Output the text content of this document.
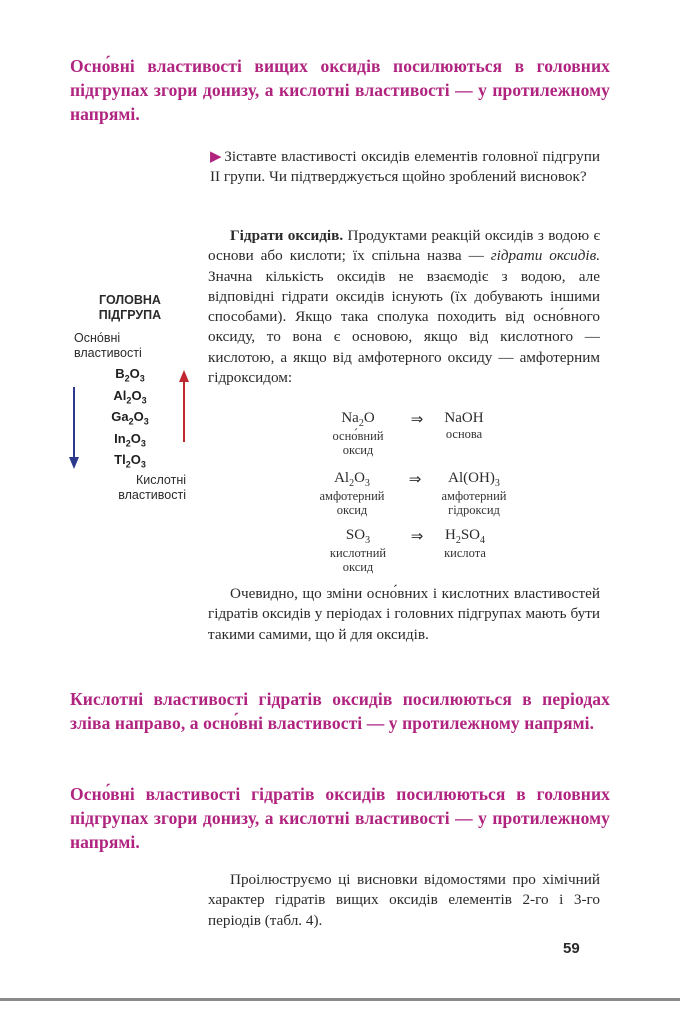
Осно́вні властивості вищих оксидів посилюються в головних підгрупах згори донизу, а кислотні властивості — у протилежному напрямі.

▶ Зіставте властивості оксидів елементів головної підгрупи II групи. Чи підтверджується щойно зроблений висновок?

Гідрати оксидів. Продуктами реакцій оксидів з водою є основи або кислоти; їх спільна назва — гідрати оксидів. Значна кількість оксидів не взаємодіє з водою, але відповідні гідрати оксидів існують (їх добувають іншими способами). Якщо така сполука походить від осно́вного оксиду, то вона є основою, якщо від кислотного — кислотою, а якщо від амфотерного оксиду — амфотерним гідроксидом:

ГОЛОВНА
ПІДГРУПА
Осно́вні
властивості
$B_2O_3$
$Al_2O_3$
$Ga_2O_3$
$In_2O_3$
$Tl_2O_3$
Кислотні
властивості
$Na_2O$
осно́вний
оксид
⇒	NaOH
основа
$Al_2O_3$
амфотерний
оксид
⇒	$Al(OH)_3$
амфотерний
гідроксид
$SO_3$
кислотний
оксид
⇒	$H_2SO_4$
кислота

Очевидно, що зміни осно́вних і кислотних властивостей гідратів оксидів у періодах і головних підгрупах мають бути такими самими, що й для оксидів.

Кислотні властивості гідратів оксидів посилюються в періодах зліва направо, а осно́вні властивості — у протилежному напрямі.
Осно́вні властивості гідратів оксидів посилюються в головних підгрупах згори донизу, а кислотні властивості — у протилежному напрямі.

Проілюструємо ці висновки відомостями про хімічний характер гідратів вищих оксидів елементів 2-го і 3-го періодів (табл. 4).

59
